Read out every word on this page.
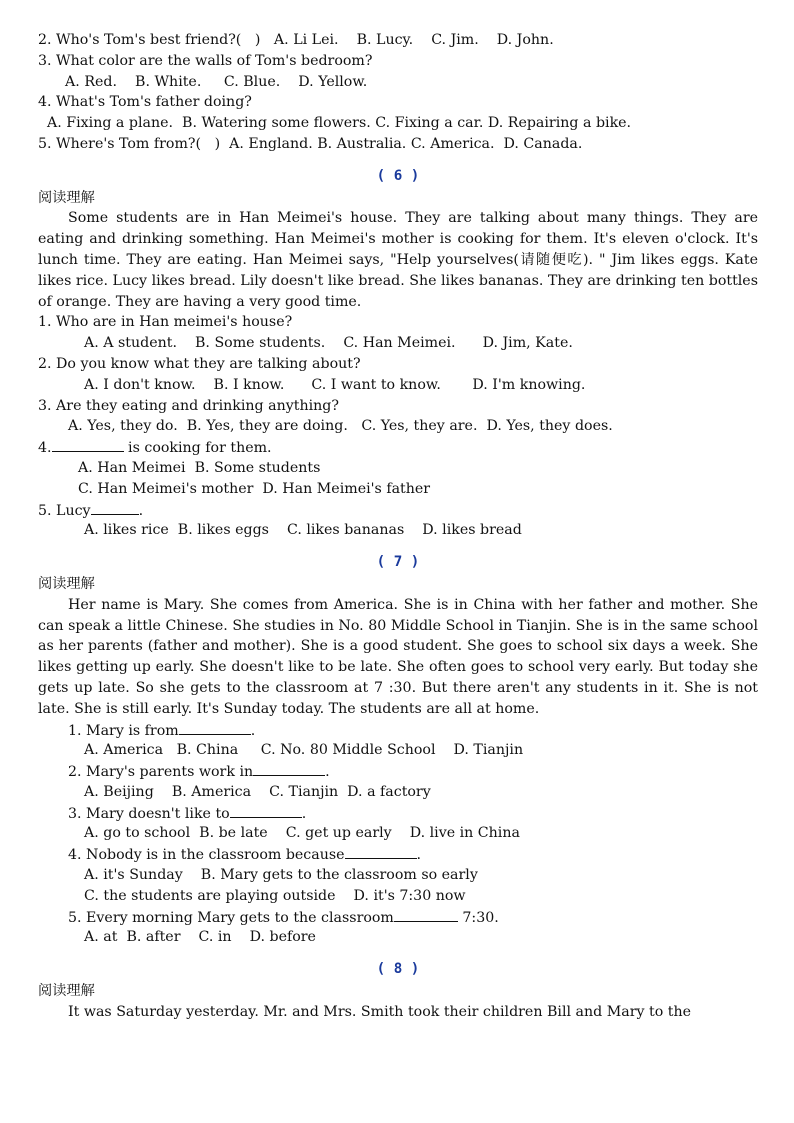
2. Who's Tom's best friend?(   )   A. Li Lei.    B. Lucy.    C. Jim.    D. John.
3. What color are the walls of Tom's bedroom?
A. Red.    B. White.     C. Blue.    D. Yellow.
4. What's Tom's father doing?
A. Fixing a plane.  B. Watering some flowers. C. Fixing a car. D. Repairing a bike.
5. Where's Tom from?(   )  A. England. B. Australia. C. America.  D. Canada.
( 6 )
阅读理解

Some students are in Han Meimei's house. They are talking about many things. They are eating and drinking something. Han Meimei's mother is cooking for them. It's eleven o'clock. It's lunch time. They are eating. Han Meimei says, "Help yourselves(请随便吃). " Jim likes eggs. Kate likes rice. Lucy likes bread. Lily doesn't like bread. She likes bananas. They are drinking ten bottles of orange. They are having a very good time.

1. Who are in Han meimei's house?
A. A student.    B. Some students.    C. Han Meimei.      D. Jim, Kate.
2. Do you know what they are talking about?
A. I don't know.    B. I know.      C. I want to know.       D. I'm knowing.
3. Are they eating and drinking anything?
A. Yes, they do.  B. Yes, they are doing.   C. Yes, they are.  D. Yes, they does.
4.	is cooking for them.
A. Han Meimei  B. Some students
C. Han Meimei's mother  D. Han Meimei's father
5. Lucy	.
A. likes rice  B. likes eggs    C. likes bananas    D. likes bread
( 7 )
阅读理解

Her name is Mary. She comes from America. She is in China with her father and mother. She can speak a little Chinese. She studies in No. 80 Middle School in Tianjin. She is in the same school as her parents (father and mother). She is a good student. She goes to school six days a week. She likes getting up early. She doesn't like to be late. She often goes to school very early. But today she gets up late. So she gets to the classroom at 7 :30. But there aren't any students in it. She is not late. She is still early. It's Sunday today. The students are all at home.

1. Mary is from	.
A. America   B. China     C. No. 80 Middle School    D. Tianjin
2. Mary's parents work in	.
A. Beijing    B. America    C. Tianjin  D. a factory
3. Mary doesn't like to	.
A. go to school  B. be late    C. get up early    D. live in China
4. Nobody is in the classroom because	.
A. it's Sunday    B. Mary gets to the classroom so early
C. the students are playing outside    D. it's 7:30 now
5. Every morning Mary gets to the classroom	7:30.
A. at  B. after    C. in    D. before
( 8 )
阅读理解

It was Saturday yesterday. Mr. and Mrs. Smith took their children Bill and Mary to the
